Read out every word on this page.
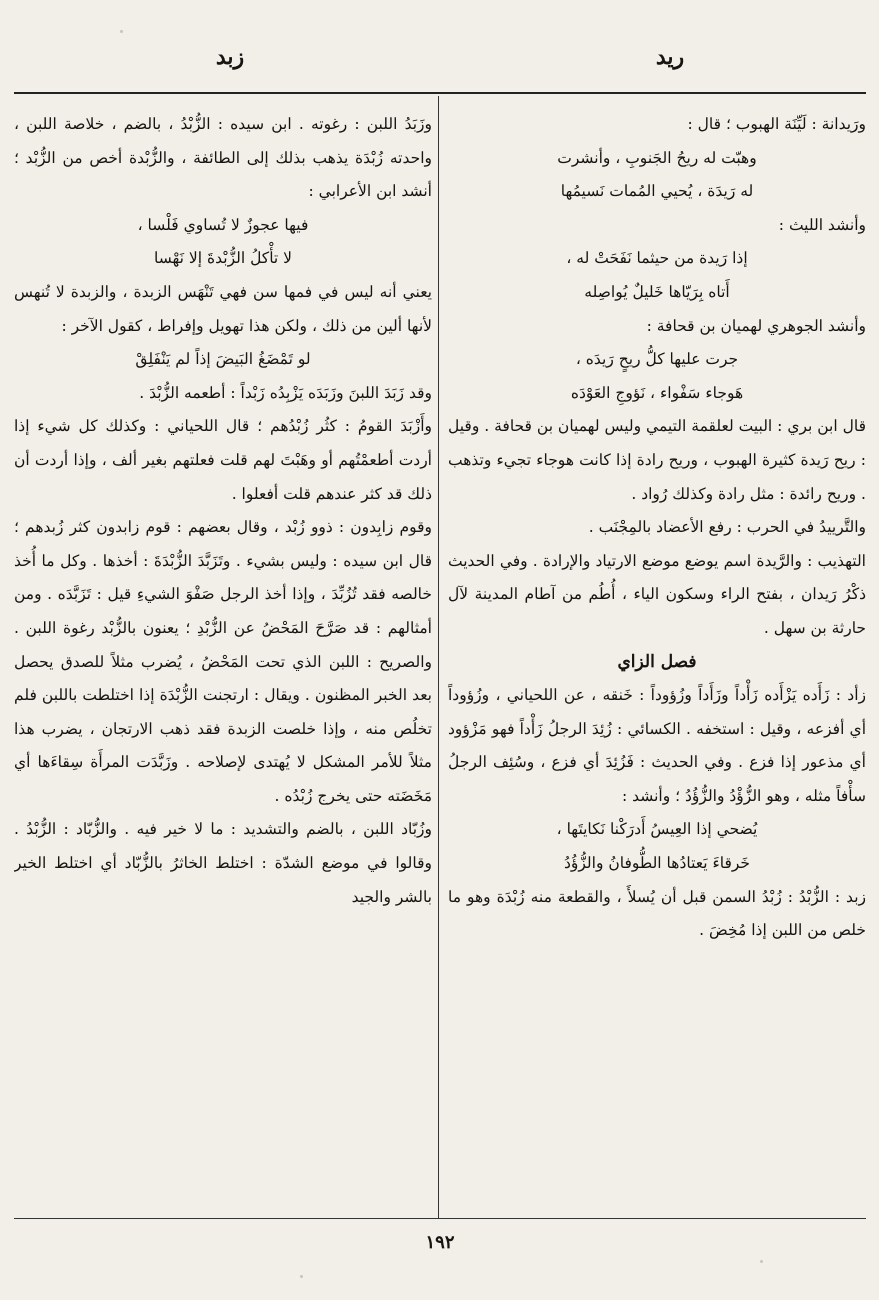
ريد
زبد

ورَيدانة : لَيِّنَة الهبوب ؛ قال :

وهبّت له ريحُ الجَنوبِ ، وأنشرت

له رَيدَة ، يُحيي المُمات نَسيمُها

وأنشد الليث :

إذا رَيدة من حيثما نَفَحَتْ له ،

أَتاه بِرَيّاها خَليلٌ يُواصِله

وأنشد الجوهري لهميان بن قحافة :

جرت عليها كلُّ ريحٍ رَيدَه ،

هَوجاء سَفْواء ، نَؤوجِ العَوْدَه

قال ابن بري : البيت لعلقمة التيمي وليس لهميان بن قحافة . وقيل : ريح رَيدة كثيرة الهبوب ، وريح رادة إذا كانت هوجاء تجيء وتذهب . وريح رائدة : مثل رادة وكذلك رُواد .

والتَّرييدُ في الحرب : رفع الأعضاد بالمِجْنَب .

التهذيب : والرَّيدة اسم يوضع موضع الارتياد والإرادة . وفي الحديث ذكْرُ رَيدان ، بفتح الراء وسكون الياء ، أُطُم من آطام المدينة لآل حارثة بن سهل .

فصل الزاي

زأد : زَأَده يَزْأَده زَأْداً وزَأَداً وزُؤوداً : خَنقه ، عن اللحياني ، وزُؤوداً أي أفزعه ، وقيل : استخفه . الكسائي : زُئِدَ الرجلُ زَأْداً فهو مَزْؤود أي مذعور إذا فزع . وفي الحديث : فَزُئِدَ أي فزع ، وسُئِف الرجلُ سأْفاً مثله ، وهو الزُّؤْدُ والزُّؤُدُ ؛ وأنشد :

يُضحي إذا العِيسُ أَدرَكْنا نَكايتَها ،

خَرقاءَ يَعتادُها الطُّوفانُ والزُّؤُدُ

زبد : الزُّبْدُ : زُبْدُ السمن قبل أن يُسلأَ ، والقطعة منه زُبْدَة وهو ما خلص من اللبن إذا مُخِضَ .

وزَبَدُ اللبن : رغوته . ابن سيده : الزُّبْدُ ، بالضم ، خلاصة اللبن ، واحدته زُبْدَة يذهب بذلك إلى الطائفة ، والزُّبْدة أخص من الزُّبْد ؛ أنشد ابن الأعرابي :

فيها عجوزٌ لا تُساوي فَلْسا ،

لا تأْكلُ الزُّبْدةَ إلا نَهْسا

يعني أنه ليس في فمها سن فهي تَنْهَس الزبدة ، والزبدة لا تُنهس لأنها ألين من ذلك ، ولكن هذا تهويل وإفراط ، كقول الآخر :

لو تَمْضَغُ البَيضَ إذاً لم يَنْفَلِقْ

وقد زَبَدَ اللبنَ وزَبَدَه يَزْبِدُه زَبْداً : أطعمه الزُّبْدَ .

وأَزْبَدَ القومُ : كثُر زُبْدُهم ؛ قال اللحياني : وكذلك كل شيء إذا أردت أطعمْتُهم أو وهَبْتَ لهم قلت فعلتهم بغير ألف ، وإذا أردت أن ذلك قد كثر عندهم قلت أفعلوا .

وقوم زابِدون : ذوو زُبْد ، وقال بعضهم : قوم زابدون كثر زُبدهم ؛ قال ابن سيده : وليس بشيء . وتَزَبَّدَ الزُّبْدَةَ : أخذها . وكل ما أُخذ خالصه فقد تُزُبِّدَ ، وإذا أخذ الرجل صَفْوَ الشيءِ قيل : تَزَبَّدَه . ومن أمثالهم : قد صَرَّحَ المَحْضُ عن الزُّبْدِ ؛ يعنون بالزُّبْد رغوة اللبن . والصريح : اللبن الذي تحت المَحْضُ ، يُضرب مثلاً للصدق يحصل بعد الخبر المظنون . ويقال : ارتجنت الزُّبْدَة إذا اختلطت باللبن فلم تخلُص منه ، وإذا خلصت الزبدة فقد ذهب الارتجان ، يضرب هذا مثلاً للأمر المشكل لا يُهتدى لإصلاحه . وزَبَّدَت المرأَة سِقاءَها أي مَخَضَته حتى يخرج زُبْدُه .

وزُبّاد اللبن ، بالضم والتشديد : ما لا خير فيه . والزُّبّاد : الزُّبْدُ . وقالوا في موضع الشدّة : اختلط الخاثرُ بالزُّبّاد أي اختلط الخير بالشر والجيد

١٩٢
